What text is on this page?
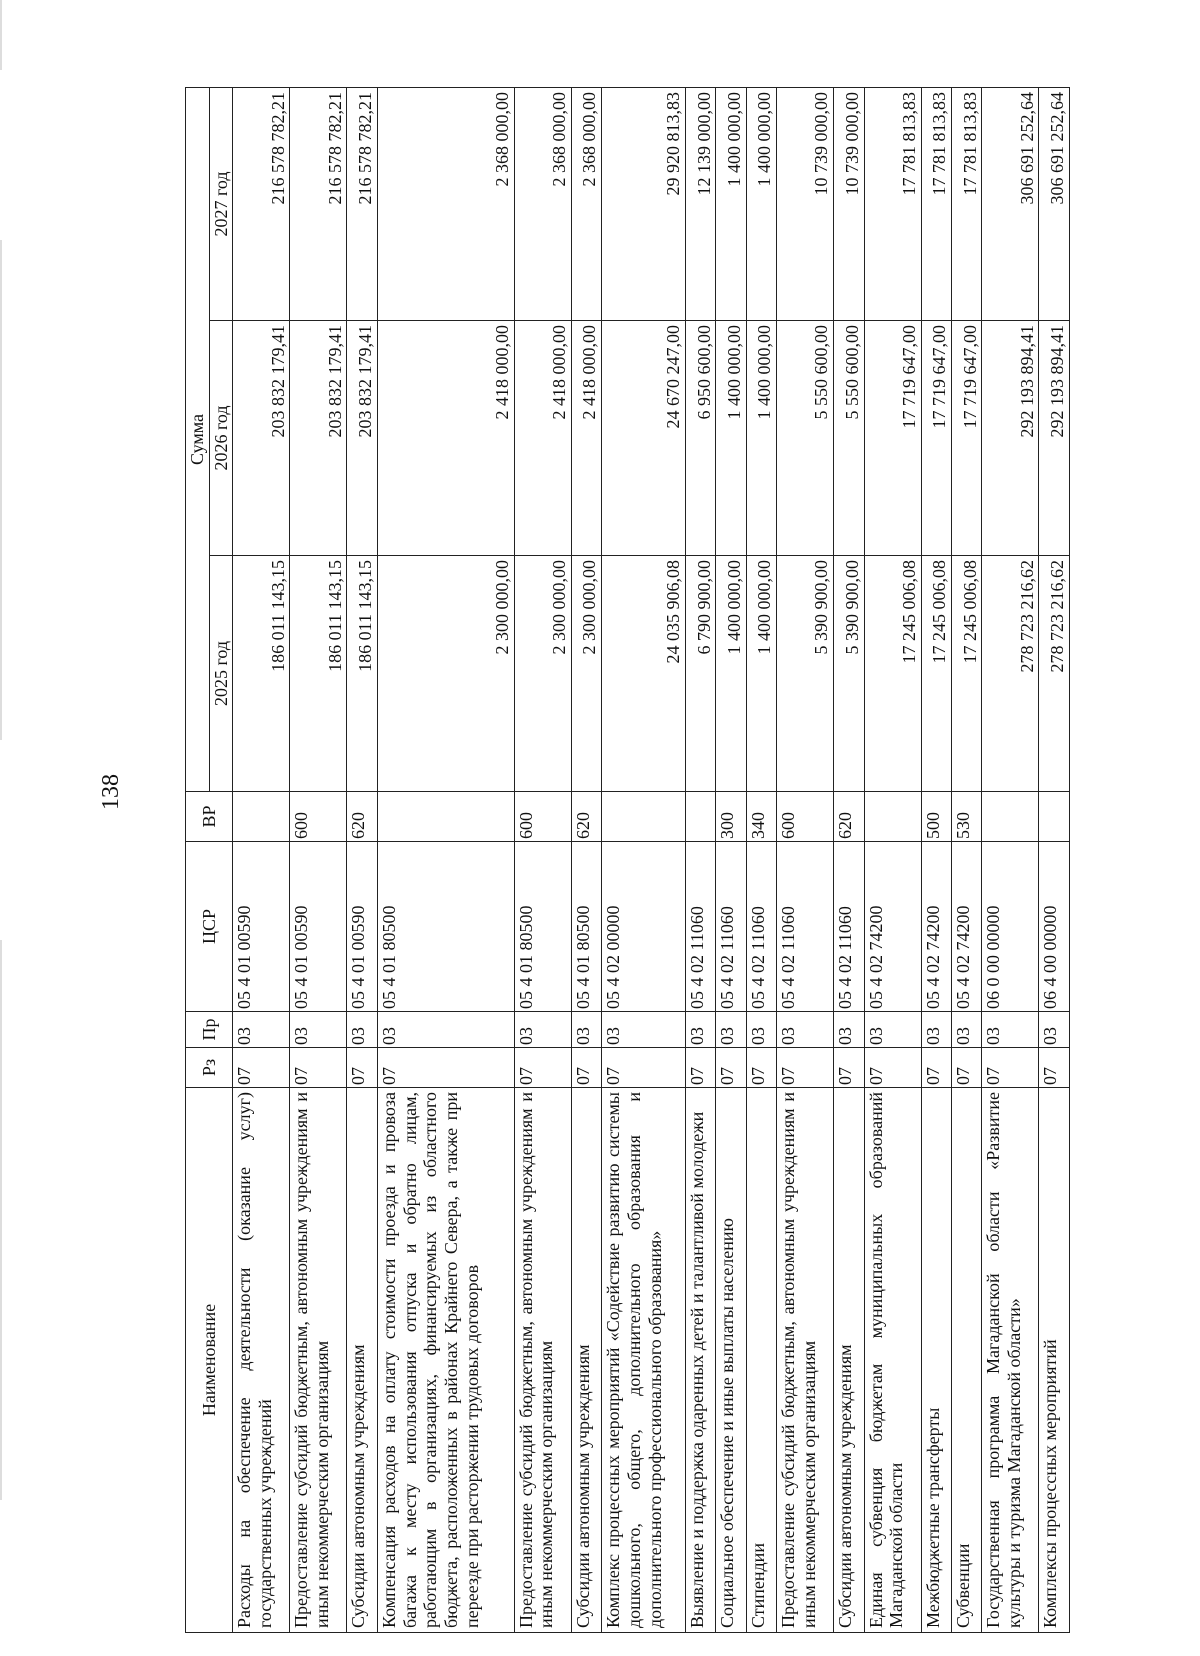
138
Наименование	Рз	Пр	ЦСР	ВР	Сумма		
					2025 год	2026 год	2027 год
Расходы на обеспечение деятельности (оказание услуг) государственных учреждений	07	03	05 4 01 00590		186 011 143,15	203 832 179,41	216 578 782,21
Предоставление субсидий бюджетным, автономным учреждениям и иным некоммерческим организациям	07	03	05 4 01 00590	600	186 011 143,15	203 832 179,41	216 578 782,21
Субсидии автономным учреждениям	07	03	05 4 01 00590	620	186 011 143,15	203 832 179,41	216 578 782,21
Компенсация расходов на оплату стоимости проезда и провоза багажа к месту использования отпуска и обратно лицам, работающим в организациях, финансируемых из областного бюджета, расположенных в районах Крайнего Севера, а также при переезде при расторжении трудовых договоров	07	03	05 4 01 80500		2 300 000,00	2 418 000,00	2 368 000,00
Предоставление субсидий бюджетным, автономным учреждениям и иным некоммерческим организациям	07	03	05 4 01 80500	600	2 300 000,00	2 418 000,00	2 368 000,00
Субсидии автономным учреждениям	07	03	05 4 01 80500	620	2 300 000,00	2 418 000,00	2 368 000,00
Комплекс процессных мероприятий «Содействие развитию системы дошкольного, общего, дополнительного образования и дополнительного профессионального образования»	07	03	05 4 02 00000		24 035 906,08	24 670 247,00	29 920 813,83
Выявление и поддержка одаренных детей и талантливой молодежи	07	03	05 4 02 11060		6 790 900,00	6 950 600,00	12 139 000,00
Социальное обеспечение и иные выплаты населению	07	03	05 4 02 11060	300	1 400 000,00	1 400 000,00	1 400 000,00
Стипендии	07	03	05 4 02 11060	340	1 400 000,00	1 400 000,00	1 400 000,00
Предоставление субсидий бюджетным, автономным учреждениям и иным некоммерческим организациям	07	03	05 4 02 11060	600	5 390 900,00	5 550 600,00	10 739 000,00
Субсидии автономным учреждениям	07	03	05 4 02 11060	620	5 390 900,00	5 550 600,00	10 739 000,00
Единая субвенция бюджетам муниципальных образований Магаданской области	07	03	05 4 02 74200		17 245 006,08	17 719 647,00	17 781 813,83
Межбюджетные трансферты	07	03	05 4 02 74200	500	17 245 006,08	17 719 647,00	17 781 813,83
Субвенции	07	03	05 4 02 74200	530	17 245 006,08	17 719 647,00	17 781 813,83
Государственная программа Магаданской области «Развитие культуры и туризма Магаданской области»	07	03	06 0 00 00000		278 723 216,62	292 193 894,41	306 691 252,64
Комплексы процессных мероприятий	07	03	06 4 00 00000		278 723 216,62	292 193 894,41	306 691 252,64
